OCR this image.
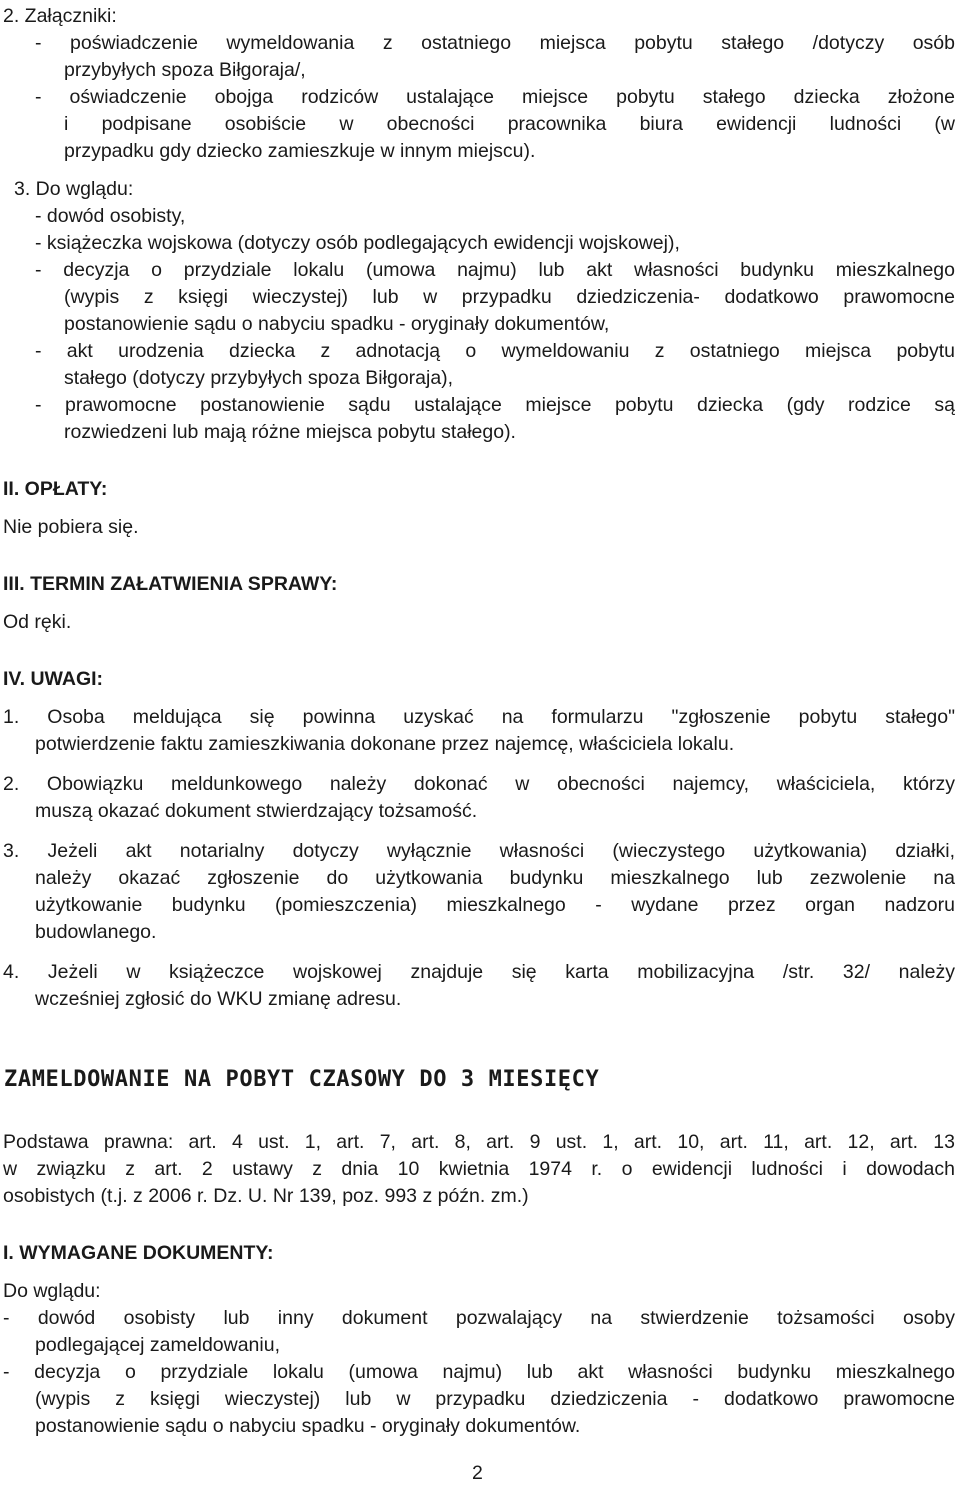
2. Załączniki:
- poświadczenie wymeldowania z ostatniego miejsca pobytu stałego /dotyczy osób
przybyłych spoza Biłgoraja/,
- oświadczenie obojga rodziców ustalające miejsce pobytu stałego dziecka złożone
i podpisane osobiście w obecności pracownika biura ewidencji ludności (w
przypadku gdy dziecko zamieszkuje w innym miejscu).
3. Do wglądu:
- dowód osobisty,
- książeczka wojskowa (dotyczy osób podlegających ewidencji wojskowej),
- decyzja o przydziale lokalu (umowa najmu) lub akt własności budynku mieszkalnego
(wypis z księgi wieczystej) lub w przypadku dziedziczenia- dodatkowo prawomocne
postanowienie sądu o nabyciu spadku - oryginały dokumentów,
- akt urodzenia dziecka z adnotacją o wymeldowaniu z ostatniego miejsca pobytu
stałego (dotyczy przybyłych spoza Biłgoraja),
- prawomocne postanowienie sądu ustalające miejsce pobytu dziecka (gdy rodzice są
rozwiedzeni lub mają różne miejsca pobytu stałego).
II. OPŁATY:
Nie pobiera się.
III. TERMIN ZAŁATWIENIA SPRAWY:
Od ręki.
IV. UWAGI:
1. Osoba meldująca się powinna uzyskać na formularzu "zgłoszenie pobytu stałego"
potwierdzenie faktu zamieszkiwania dokonane przez najemcę, właściciela lokalu.
2. Obowiązku meldunkowego należy dokonać w obecności najemcy, właściciela, którzy
muszą okazać dokument stwierdzający tożsamość.
3. Jeżeli akt notarialny dotyczy wyłącznie własności (wieczystego użytkowania) działki,
należy okazać zgłoszenie do użytkowania budynku mieszkalnego lub zezwolenie na
użytkowanie budynku (pomieszczenia) mieszkalnego - wydane przez organ nadzoru
budowlanego.
4. Jeżeli w książeczce wojskowej znajduje się karta mobilizacyjna /str. 32/ należy
wcześniej zgłosić do WKU zmianę adresu.
ZAMELDOWANIE NA POBYT CZASOWY DO 3 MIESIĘCY
Podstawa prawna: art. 4 ust. 1, art. 7, art. 8, art. 9 ust. 1, art. 10, art. 11, art. 12, art. 13
w związku z art. 2 ustawy z dnia 10 kwietnia 1974 r. o ewidencji ludności i dowodach
osobistych (t.j. z 2006 r. Dz. U. Nr 139, poz. 993 z późn. zm.)
I. WYMAGANE DOKUMENTY:
Do wglądu:
- dowód osobisty lub inny dokument pozwalający na stwierdzenie tożsamości osoby
podlegającej zameldowaniu,
- decyzja o przydziale lokalu (umowa najmu) lub akt własności budynku mieszkalnego
(wypis z księgi wieczystej) lub w przypadku dziedziczenia - dodatkowo prawomocne
postanowienie sądu o nabyciu spadku - oryginały dokumentów.
2
